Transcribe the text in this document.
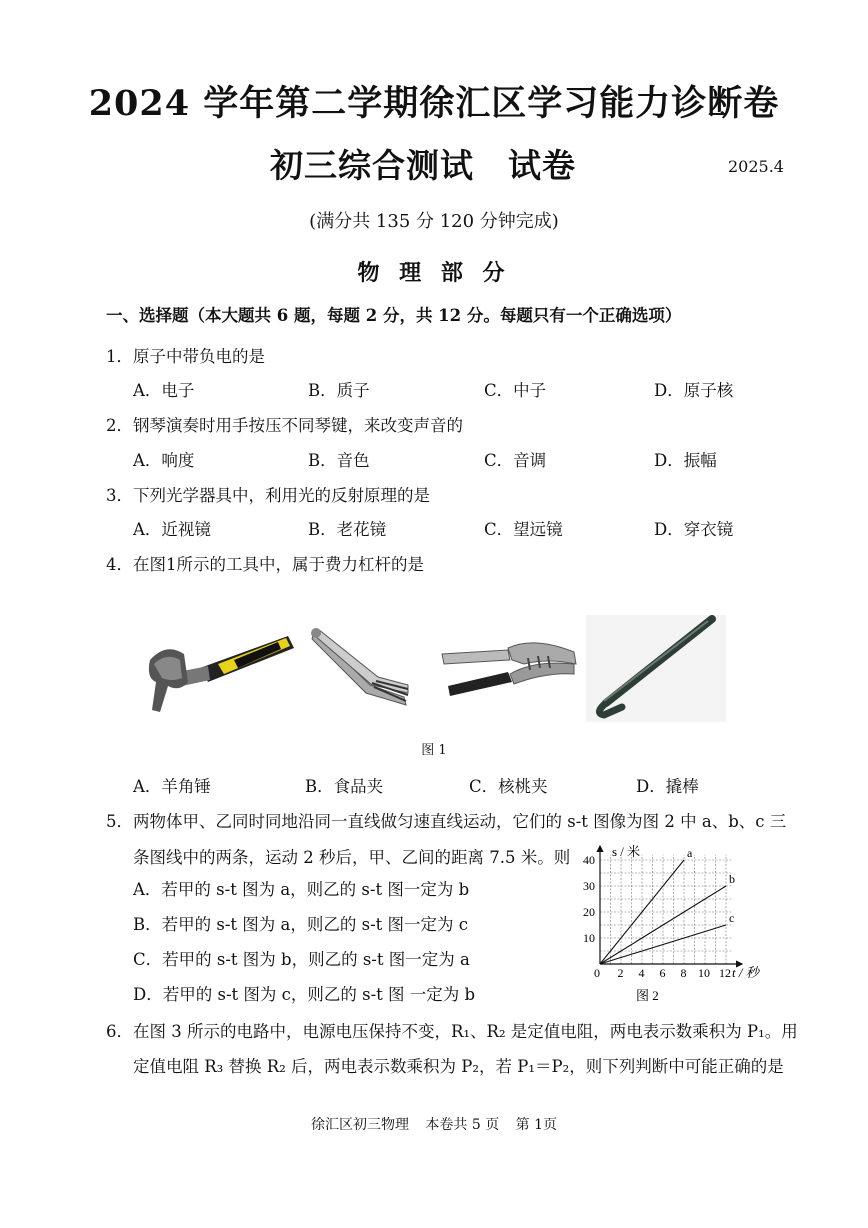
2024 学年第二学期徐汇区学习能力诊断卷
初三综合测试 试卷	2025.4
(满分共 135 分 120 分钟完成)
物 理 部 分
一、选择题（本大题共 6 题，每题 2 分，共 12 分。每题只有一个正确选项）
1．原子中带负电的是
A．电子	B．质子	C．中子	D．原子核
2．钢琴演奏时用手按压不同琴键，来改变声音的
A．响度	B．音色	C．音调	D．振幅
3．下列光学器具中，利用光的反射原理的是
A．近视镜	B．老花镜	C．望远镜	D．穿衣镜
4．在图1所示的工具中，属于费力杠杆的是
图 1
A．羊角锤	B．食品夹	C．核桃夹	D．撬棒
5．两物体甲、乙同时同地沿同一直线做匀速直线运动，它们的 s-t 图像为图 2 中 a、b、c 三
条图线中的两条，运动 2 秒后，甲、乙间的距离 7.5 米。则
A．若甲的 s-t 图为 a，则乙的 s-t 图一定为 b
B．若甲的 s-t 图为 a，则乙的 s-t 图一定为 c
C．若甲的 s-t 图为 b，则乙的 s-t 图一定为 a
D．若甲的 s-t 图为 c，则乙的 s-t 图 一定为 b
2 4 6 8 10 12
10
20
30
40	a
b
c
s / 米
t / 秒
0
图 2
6．在图 3 所示的电路中，电源电压保持不变，R₁、R₂ 是定值电阻，两电表示数乘积为 P₁。用
定值电阻 R₃ 替换 R₂ 后，两电表示数乘积为 P₂，若 P₁＝P₂，则下列判断中可能正确的是
徐汇区初三物理 本卷共 5 页 第 1页
